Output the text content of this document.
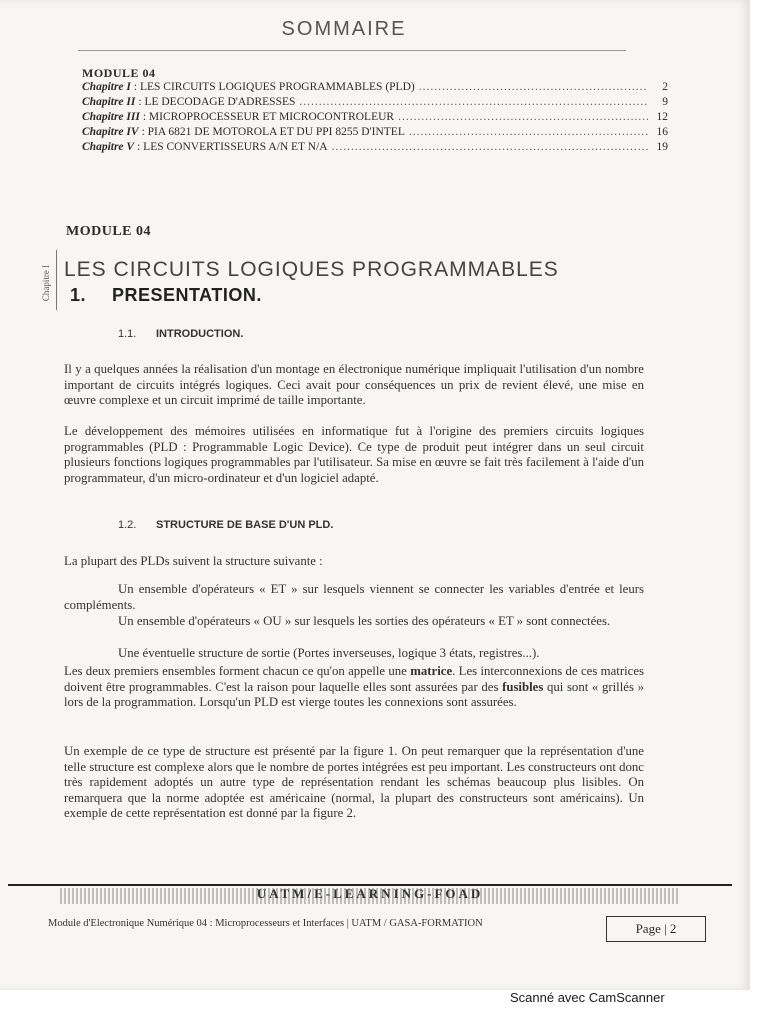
SOMMAIRE
MODULE 04
Chapitre I : LES CIRCUITS LOGIQUES PROGRAMMABLES (PLD) .....	2
Chapitre II : LE DECODAGE D'ADRESSES .....	9
Chapitre III : MICROPROCESSEUR ET MICROCONTROLEUR .....	12
Chapitre IV : PIA 6821 DE MOTOROLA ET DU PPI 8255 D'INTEL .....	16
Chapitre V : LES CONVERTISSEURS A/N ET N/A .....	19
MODULE 04
Chapitre I LES CIRCUITS LOGIQUES PROGRAMMABLES
1. PRESENTATION.
1.1. INTRODUCTION.
Il y a quelques années la réalisation d'un montage en électronique numérique impliquait l'utilisation d'un nombre important de circuits intégrés logiques. Ceci avait pour conséquences un prix de revient élevé, une mise en œuvre complexe et un circuit imprimé de taille importante.
Le développement des mémoires utilisées en informatique fut à l'origine des premiers circuits logiques programmables (PLD : Programmable Logic Device). Ce type de produit peut intégrer dans un seul circuit plusieurs fonctions logiques programmables par l'utilisateur. Sa mise en œuvre se fait très facilement à l'aide d'un programmateur, d'un micro-ordinateur et d'un logiciel adapté.
1.2. STRUCTURE DE BASE D'UN PLD.
La plupart des PLDs suivent la structure suivante :
Un ensemble d'opérateurs « ET » sur lesquels viennent se connecter les variables d'entrée et leurs compléments.
Un ensemble d'opérateurs « OU » sur lesquels les sorties des opérateurs « ET » sont connectées.
Une éventuelle structure de sortie (Portes inverseuses, logique 3 états, registres...).
Les deux premiers ensembles forment chacun ce qu'on appelle une matrice. Les interconnexions de ces matrices doivent être programmables. C'est la raison pour laquelle elles sont assurées par des fusibles qui sont « grillés » lors de la programmation. Lorsqu'un PLD est vierge toutes les connexions sont assurées.
Un exemple de ce type de structure est présenté par la figure 1. On peut remarquer que la représentation d'une telle structure est complexe alors que le nombre de portes intégrées est peu important. Les constructeurs ont donc très rapidement adoptés un autre type de représentation rendant les schémas beaucoup plus lisibles. On remarquera que la norme adoptée est américaine (normal, la plupart des constructeurs sont américains). Un exemple de cette représentation est donné par la figure 2.
UATM/E-LEARNING-FOAD
Module d'Electronique Numérique 04 : Microprocesseurs et Interfaces | UATM / GASA-FORMATION	Page | 2
Scanné avec CamScanner
